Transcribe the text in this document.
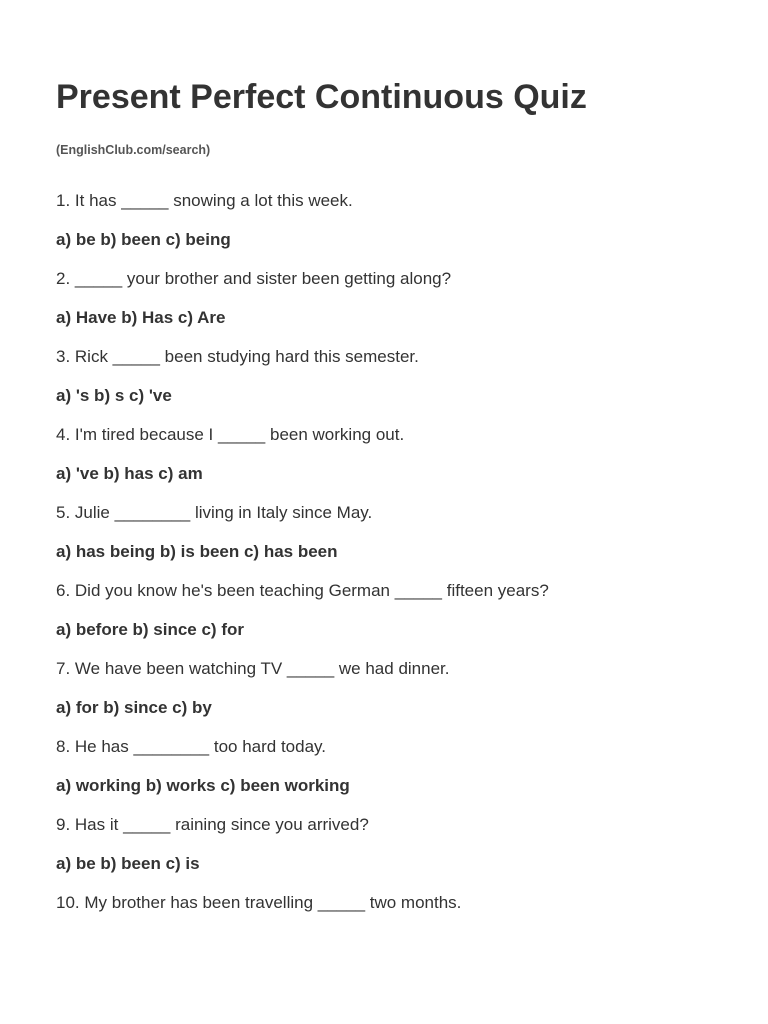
Present Perfect Continuous Quiz

(EnglishClub.com/search)

1. It has _____ snowing a lot this week.
a) be b) been c) being
2. _____ your brother and sister been getting along?
a) Have b) Has c) Are
3. Rick _____ been studying hard this semester.
a) 's b) s c) 've
4. I'm tired because I _____ been working out.
a) 've b) has c) am
5. Julie ________ living in Italy since May.
a) has being b) is been c) has been
6. Did you know he's been teaching German _____ fifteen years?
a) before b) since c) for
7. We have been watching TV _____ we had dinner.
a) for b) since c) by
8. He has ________ too hard today.
a) working b) works c) been working
9. Has it _____ raining since you arrived?
a) be b) been c) is
10. My brother has been travelling _____ two months.
